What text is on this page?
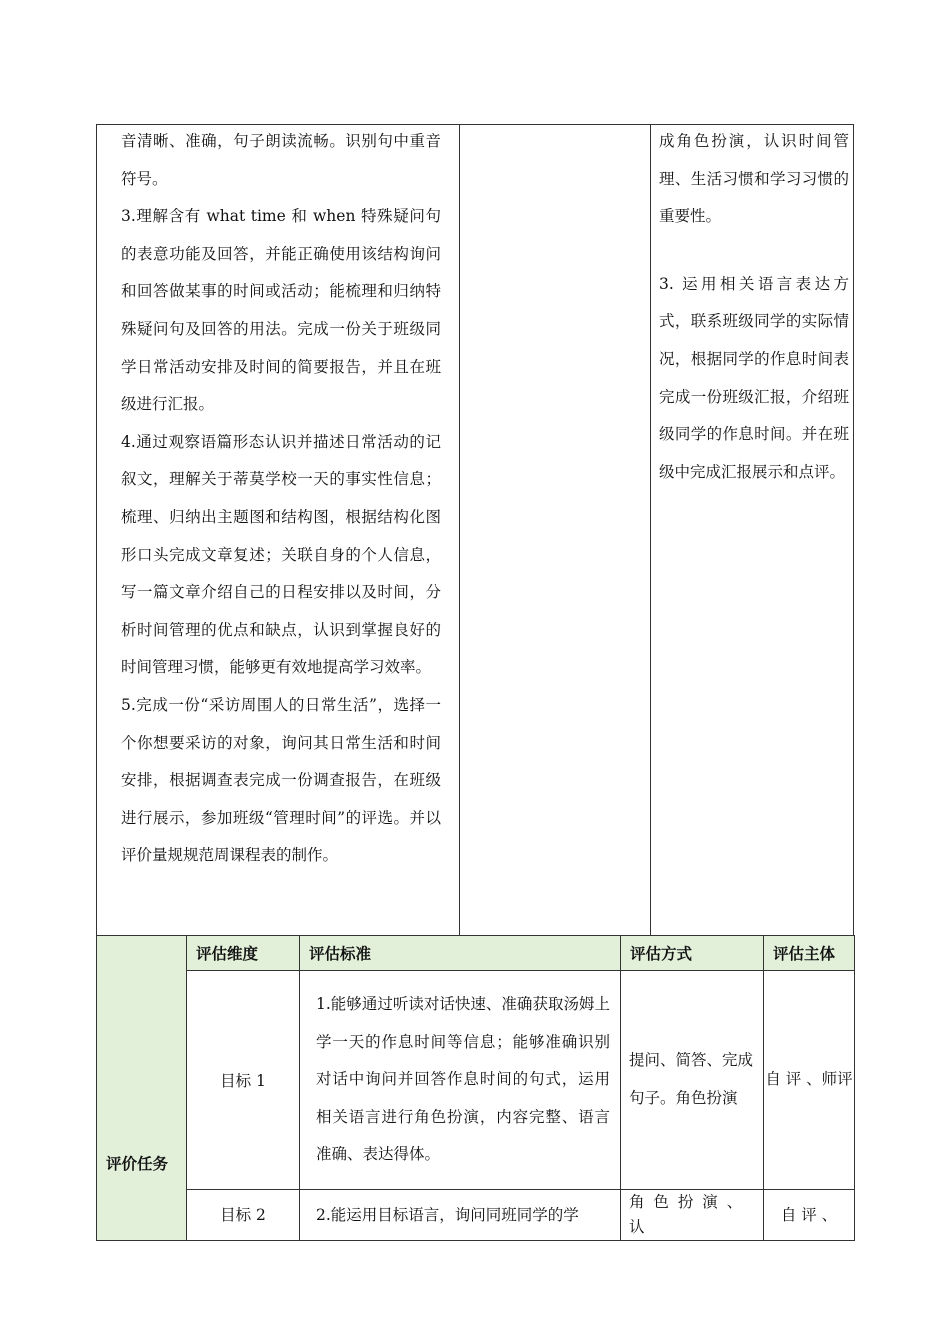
音清晰、准确，句子朗读流畅。识别句中重音符号。

3.理解含有 what time 和 when 特殊疑问句的表意功能及回答，并能正确使用该结构询问和回答做某事的时间或活动；能梳理和归纳特殊疑问句及回答的用法。完成一份关于班级同学日常活动安排及时间的简要报告，并且在班级进行汇报。

4.通过观察语篇形态认识并描述日常活动的记叙文，理解关于蒂莫学校一天的事实性信息；梳理、归纳出主题图和结构图，根据结构化图形口头完成文章复述；关联自身的个人信息，写一篇文章介绍自己的日程安排以及时间，分析时间管理的优点和缺点，认识到掌握良好的时间管理习惯，能够更有效地提高学习效率。

5.完成一份“采访周围人的日常生活”，选择一个你想要采访的对象，询问其日常生活和时间安排，根据调查表完成一份调查报告，在班级进行展示，参加班级“管理时间”的评选。并以评价量规规范周课程表的制作。

成角色扮演，认识时间管理、生活习惯和学习习惯的重要性。

3. 运用相关语言表达方式，联系班级同学的实际情况，根据同学的作息时间表完成一份班级汇报，介绍班级同学的作息时间。并在班级中完成汇报展示和点评。

评价任务	评估维度	评估标准	评估方式	评估主体
	目标 1	1.能够通过听读对话快速、准确获取汤姆上学一天的作息时间等信息；能够准确识别对话中询问并回答作息时间的句式，运用相关语言进行角色扮演，内容完整、语言准确、表达得体。	提问、简答、完成句子。角色扮演	自 评 、师评
	目标 2	2.能运用目标语言，询问同班同学的学	角 色 扮 演 、 认	自 评 、
